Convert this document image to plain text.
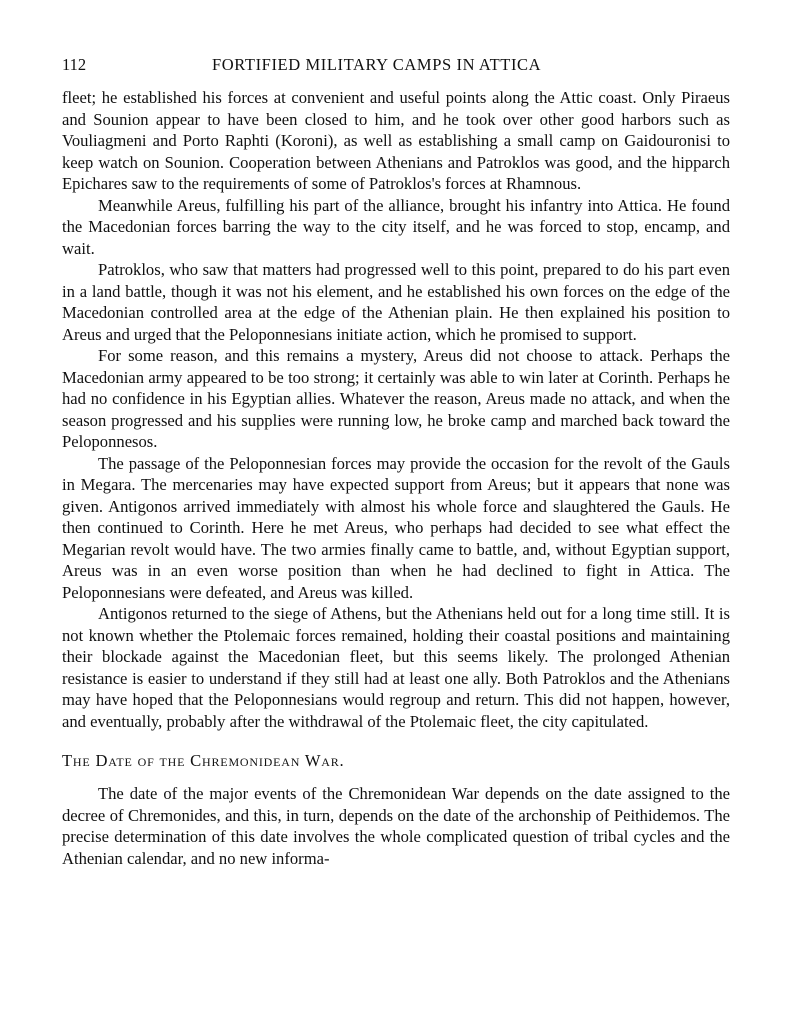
112	FORTIFIED MILITARY CAMPS IN ATTICA

fleet; he established his forces at convenient and useful points along the Attic coast. Only Piraeus and Sounion appear to have been closed to him, and he took over other good harbors such as Vouliagmeni and Porto Raphti (Koroni), as well as establishing a small camp on Gaidouronisi to keep watch on Sounion. Cooperation between Athenians and Patroklos was good, and the hipparch Epichares saw to the requirements of some of Patroklos's forces at Rhamnous.

Meanwhile Areus, fulfilling his part of the alliance, brought his infantry into Attica. He found the Macedonian forces barring the way to the city itself, and he was forced to stop, encamp, and wait.

Patroklos, who saw that matters had progressed well to this point, prepared to do his part even in a land battle, though it was not his element, and he established his own forces on the edge of the Macedonian controlled area at the edge of the Athenian plain. He then explained his position to Areus and urged that the Peloponnesians initiate action, which he promised to support.

For some reason, and this remains a mystery, Areus did not choose to attack. Perhaps the Macedonian army appeared to be too strong; it certainly was able to win later at Corinth. Perhaps he had no confidence in his Egyptian allies. Whatever the reason, Areus made no attack, and when the season progressed and his supplies were running low, he broke camp and marched back toward the Peloponnesos.

The passage of the Peloponnesian forces may provide the occasion for the revolt of the Gauls in Megara. The mercenaries may have expected support from Areus; but it appears that none was given. Antigonos arrived immediately with almost his whole force and slaughtered the Gauls. He then continued to Corinth. Here he met Areus, who perhaps had decided to see what effect the Megarian revolt would have. The two armies finally came to battle, and, without Egyptian support, Areus was in an even worse position than when he had declined to fight in Attica. The Peloponnesians were defeated, and Areus was killed.

Antigonos returned to the siege of Athens, but the Athenians held out for a long time still. It is not known whether the Ptolemaic forces remained, holding their coastal positions and maintaining their blockade against the Macedonian fleet, but this seems likely. The prolonged Athenian resistance is easier to understand if they still had at least one ally. Both Patroklos and the Athenians may have hoped that the Peloponnesians would regroup and return. This did not happen, however, and eventually, probably after the withdrawal of the Ptolemaic fleet, the city capitulated.

The Date of the Chremonidean War.

The date of the major events of the Chremonidean War depends on the date assigned to the decree of Chremonides, and this, in turn, depends on the date of the archonship of Peithidemos. The precise determination of this date involves the whole complicated question of tribal cycles and the Athenian calendar, and no new informa-
